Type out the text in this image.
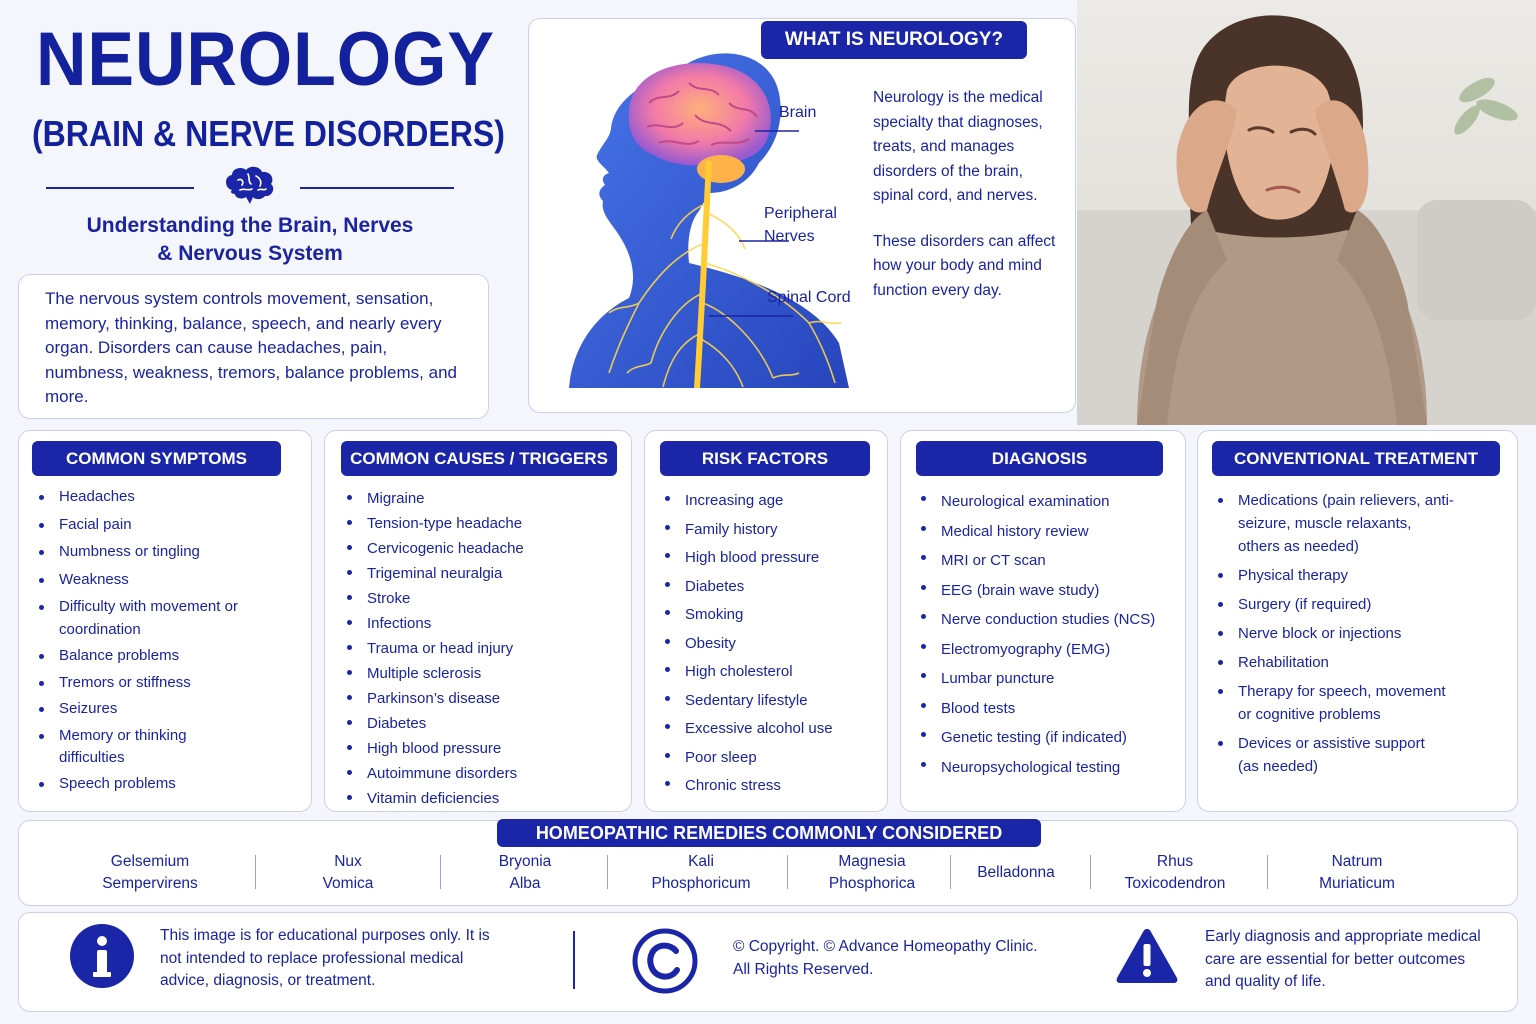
NEUROLOGY
(BRAIN & NERVE DISORDERS)
Understanding the Brain, Nerves
& Nervous System

The nervous system controls movement, sensation, memory, thinking, balance, speech, and nearly every organ. Disorders can cause headaches, pain, numbness, weakness, tremors, balance problems, and more.

WHAT IS NEUROLOGY?
Brain
Peripheral
Nerves
Spinal Cord

Neurology is the medical specialty that diagnoses, treats, and manages disorders of the brain, spinal cord, and nerves.

These disorders can affect how your body and mind function every day.

COMMON SYMPTOMS
Headaches
Facial pain
Numbness or tingling
Weakness
Difficulty with movement or coordination
Balance problems
Tremors or stiffness
Seizures
Memory or thinking difficulties
Speech problems
COMMON CAUSES / TRIGGERS
Migraine
Tension-type headache
Cervicogenic headache
Trigeminal neuralgia
Stroke
Infections
Trauma or head injury
Multiple sclerosis
Parkinson’s disease
Diabetes
High blood pressure
Autoimmune disorders
Vitamin deficiencies
RISK FACTORS
Increasing age
Family history
High blood pressure
Diabetes
Smoking
Obesity
High cholesterol
Sedentary lifestyle
Excessive alcohol use
Poor sleep
Chronic stress
DIAGNOSIS
Neurological examination
Medical history review
MRI or CT scan
EEG (brain wave study)
Nerve conduction studies (NCS)
Electromyography (EMG)
Lumbar puncture
Blood tests
Genetic testing (if indicated)
Neuropsychological testing
CONVENTIONAL TREATMENT
Medications (pain relievers, anti-seizure, muscle relaxants, others as needed)
Physical therapy
Surgery (if required)
Nerve block or injections
Rehabilitation
Therapy for speech, movement or cognitive problems
Devices or assistive support (as needed)
HOMEOPATHIC REMEDIES COMMONLY CONSIDERED
Gelsemium
Sempervirens
Nux
Vomica
Bryonia
Alba
Kali
Phosphoricum
Magnesia
Phosphorica
Belladonna
Rhus
Toxicodendron
Natrum
Muriaticum
This image is for educational purposes only. It is not intended to replace professional medical advice, diagnosis, or treatment.
© Copyright. © Advance Homeopathy Clinic.
All Rights Reserved.
Early diagnosis and appropriate medical care are essential for better outcomes and quality of life.
